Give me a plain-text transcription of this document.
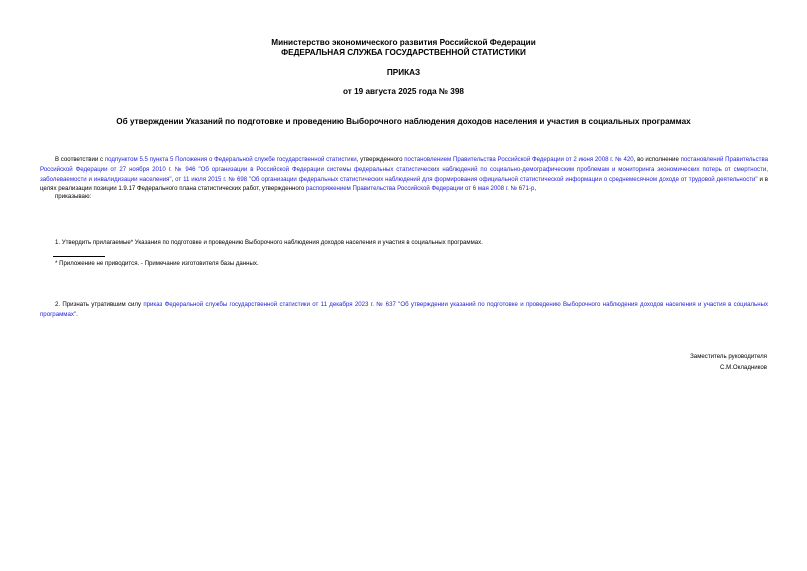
Министерство экономического развития Российской Федерации
ФЕДЕРАЛЬНАЯ СЛУЖБА ГОСУДАРСТВЕННОЙ СТАТИСТИКИ
ПРИКАЗ
от 19 августа 2025 года № 398
Об утверждении Указаний по подготовке и проведению Выборочного наблюдения доходов населения и участия в социальных программах
В соответствии с подпунктом 5.5 пункта 5 Положения о Федеральной службе государственной статистики, утвержденного постановлением Правительства Российской Федерации от 2 июня 2008 г. № 420, во исполнение постановлений Правительства Российской Федерации от 27 ноября 2010 г. № 946 "Об организации в Российской Федерации системы федеральных статистических наблюдений по социально-демографическим проблемам и мониторинга экономических потерь от смертности, заболеваемости и инвалидизации населения", от 11 июля 2015 г. № 698 "Об организации федеральных статистических наблюдений для формирования официальной статистической информации о среднемесячном доходе от трудовой деятельности" и в целях реализации позиции 1.9.17 Федерального плана статистических работ, утвержденного распоряжением Правительства Российской Федерации от 6 мая 2008 г. № 671-р,
приказываю:
1. Утвердить прилагаемые* Указания по подготовке и проведению Выборочного наблюдения доходов населения и участия в социальных программах.
* Приложение не приводится. - Примечание изготовителя базы данных.
2. Признать утратившим силу приказ Федеральной службы государственной статистики от 11 декабря 2023 г. № 637 "Об утверждении указаний по подготовке и проведению Выборочного наблюдения доходов населения и участия в социальных программах".
Заместитель руководителя
С.М.Окладников
